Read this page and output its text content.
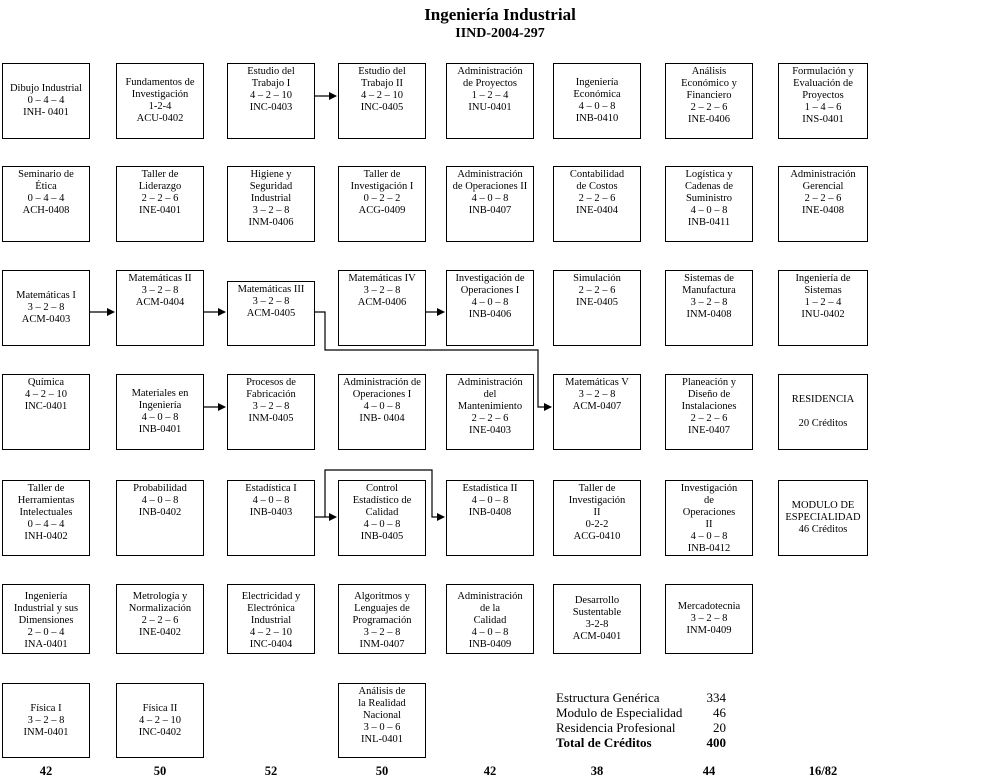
Ingeniería Industrial
IIND-2004-297
Dibujo Industrial
0 – 4 – 4
INH- 0401
Fundamentos de
Investigación
1-2-4
ACU-0402
Estudio del
Trabajo I
4 – 2 – 10
INC-0403
Estudio del
Trabajo II
4 – 2 – 10
INC-0405
Administración
de Proyectos
1 – 2 – 4
INU-0401
Ingeniería
Económica
4 – 0 – 8
INB-0410
Análisis
Económico y
Financiero
2 – 2 – 6
INE-0406
Formulación y
Evaluación de
Proyectos
1 – 4 – 6
INS-0401
Seminario de
Ética
0 – 4 – 4
ACH-0408
Taller de
Liderazgo
2 – 2 – 6
INE-0401
Higiene y
Seguridad
Industrial
3 – 2 – 8
INM-0406
Taller de
Investigación I
0 – 2 – 2
ACG-0409
Administración
de Operaciones II
4 – 0 – 8
INB-0407
Contabilidad
de Costos
2 – 2 – 6
INE-0404
Logística y
Cadenas de
Suministro
4 – 0 – 8
INB-0411
Administración
Gerencial
2 – 2 – 6
INE-0408
Matemáticas I
3 – 2 – 8
ACM-0403
Matemáticas II
3 – 2 – 8
ACM-0404
Matemáticas III
3 – 2 – 8
ACM-0405
Matemáticas IV
3 – 2 – 8
ACM-0406
Investigación de
Operaciones I
4 – 0 – 8
INB-0406
Simulación
2 – 2 – 6
INE-0405
Sistemas de
Manufactura
3 – 2 – 8
INM-0408
Ingeniería de
Sistemas
1 – 2 – 4
INU-0402
Química
4 – 2 – 10
INC-0401
Materiales en
Ingeniería
4 – 0 – 8
INB-0401
Procesos de
Fabricación
3 – 2 – 8
INM-0405
Administración de
Operaciones I
4 – 0 – 8
INB- 0404
Administración
del
Mantenimiento
2 – 2 – 6
INE-0403
Matemáticas V
3 – 2 – 8
ACM-0407
Planeación y
Diseño de
Instalaciones
2 – 2 – 6
INE-0407
RESIDENCIA

20 Créditos
Taller de
Herramientas
Intelectuales
0 – 4 – 4
INH-0402
Probabilidad
4 – 0 – 8
INB-0402
Estadística I
4 – 0 – 8
INB-0403
Control
Estadístico de
Calidad
4 – 0 – 8
INB-0405
Estadística II
4 – 0 – 8
INB-0408
Taller de
Investigación
II
0-2-2
ACG-0410
Investigación
de
Operaciones
II
4 – 0 – 8
INB-0412
MODULO DE
ESPECIALIDAD
46 Créditos
Ingeniería
Industrial y sus
Dimensiones
2 – 0 – 4
INA-0401
Metrología y
Normalización
2 – 2 – 6
INE-0402
Electricidad y
Electrónica
Industrial
4 – 2 – 10
INC-0404
Algoritmos y
Lenguajes de
Programación
3 – 2 – 8
INM-0407
Administración
de la
Calidad
4 – 0 – 8
INB-0409
Desarrollo
Sustentable
3-2-8
ACM-0401
Mercadotecnia
3 – 2 – 8
INM-0409
Física I
3 – 2 – 8
INM-0401
Física II
4 – 2 – 10
INC-0402
Análisis de
la Realidad
Nacional
3 – 0 – 6
INL-0401
Estructura Genérica	334
Modulo de Especialidad	46
Residencia Profesional	20
Total de Créditos	400
42	50	52	50	42	38	44	16/82
